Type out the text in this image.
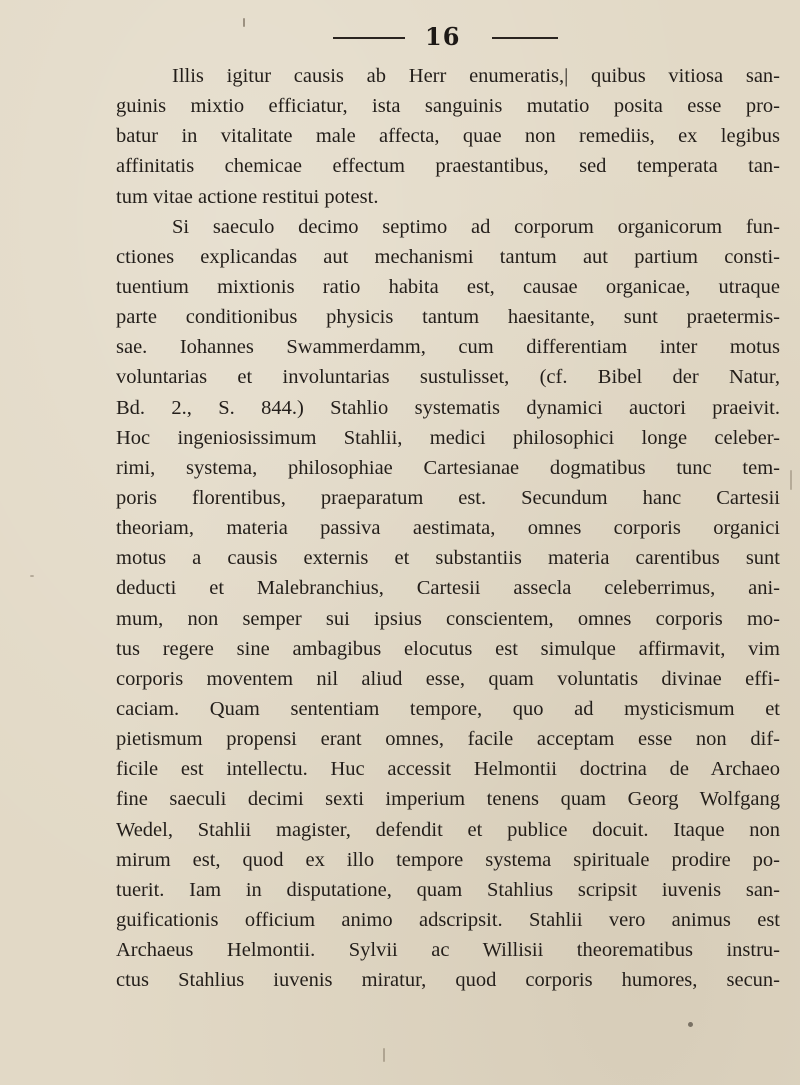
16
Illis igitur causis ab Herr enumeratis,| quibus vitiosa san-
guinis mixtio efficiatur, ista sanguinis mutatio posita esse pro-
batur in vitalitate male affecta, quae non remediis, ex legibus
affinitatis chemicae effectum praestantibus, sed temperata tan-
tum vitae actione restitui potest.
Si saeculo decimo septimo ad corporum organicorum fun-
ctiones explicandas aut mechanismi tantum aut partium consti-
tuentium mixtionis ratio habita est, causae organicae, utraque
parte conditionibus physicis tantum haesitante, sunt praetermis-
sae. Iohannes Swammerdamm, cum differentiam inter motus
voluntarias et involuntarias sustulisset, (cf. Bibel der Natur,
Bd. 2., S. 844.) Stahlio systematis dynamici auctori praeivit.
Hoc ingeniosissimum Stahlii, medici philosophici longe celeber-
rimi, systema, philosophiae Cartesianae dogmatibus tunc tem-
poris florentibus, praeparatum est. Secundum hanc Cartesii
theoriam, materia passiva aestimata, omnes corporis organici
motus a causis externis et substantiis materia carentibus sunt
deducti et Malebranchius, Cartesii assecla celeberrimus, ani-
mum, non semper sui ipsius conscientem, omnes corporis mo-
tus regere sine ambagibus elocutus est simulque affirmavit, vim
corporis moventem nil aliud esse, quam voluntatis divinae effi-
caciam. Quam sententiam tempore, quo ad mysticismum et
pietismum propensi erant omnes, facile acceptam esse non dif-
ficile est intellectu. Huc accessit Helmontii doctrina de Archaeo
fine saeculi decimi sexti imperium tenens quam Georg Wolfgang
Wedel, Stahlii magister, defendit et publice docuit. Itaque non
mirum est, quod ex illo tempore systema spirituale prodire po-
tuerit. Iam in disputatione, quam Stahlius scripsit iuvenis san-
guificationis officium animo adscripsit. Stahlii vero animus est
Archaeus Helmontii. Sylvii ac Willisii theorematibus instru-
ctus Stahlius iuvenis miratur, quod corporis humores, secun-
